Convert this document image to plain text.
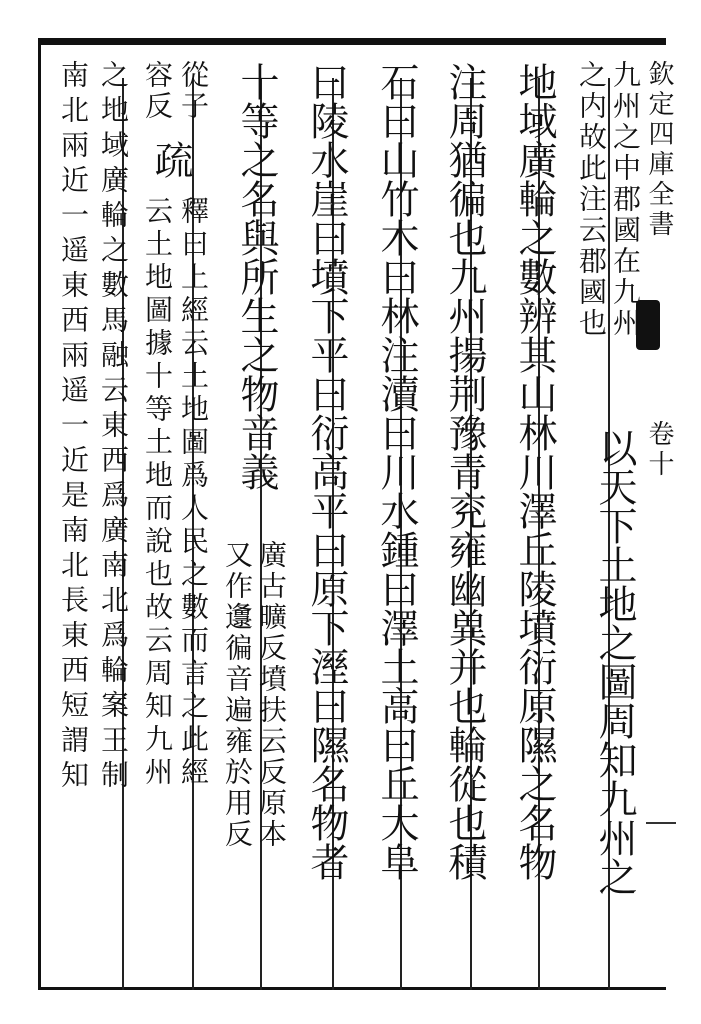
欽定四庫全書
卷十
九州之中郡國在九州
之内故此注云郡國也
以天下土地之圖周知九州之
地域廣輪之數辨其山林川澤丘陵墳衍原隰之名物
注周猶徧也九州揚荆豫青兖雍幽兾并也輪從也積
石曰山竹木曰林注瀆曰川水鍾曰澤土高曰丘大阜
曰陵水崖曰墳下平曰衍高平曰原下溼曰隰名物者
十等之名與所生之物音義
廣古曠反墳扶云反原本
又作邍徧音遍雍於用反
從子
容反
疏
釋曰上經云土地圖爲人民之數而言之此經
云土地圖據十等土地而說也故云周知九州
之地域廣輪之數馬融云東西爲廣南北爲輪案王制
南北兩近一遥東西兩遥一近是南北長東西短謂知
